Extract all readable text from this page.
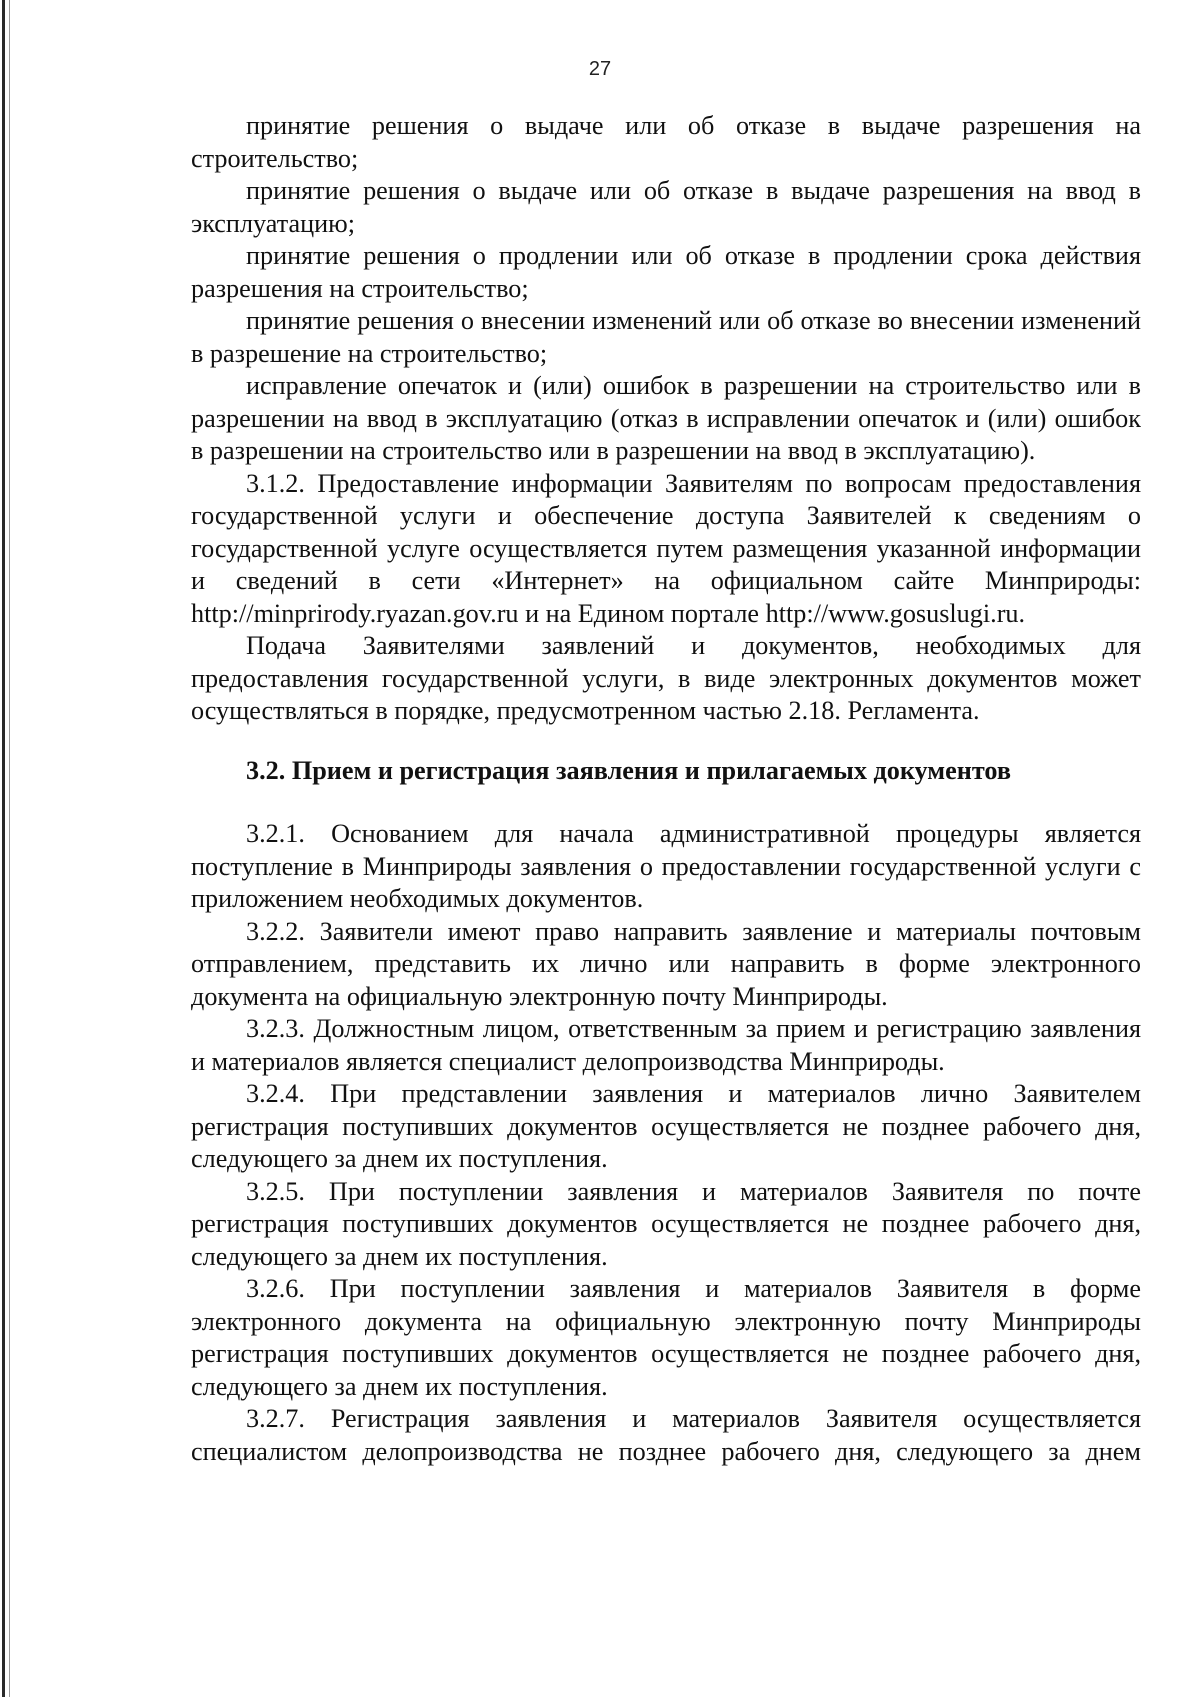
27

принятие решения о выдаче или об отказе в выдаче разрешения на строительство;

принятие решения о выдаче или об отказе в выдаче разрешения на ввод в эксплуатацию;

принятие решения о продлении или об отказе в продлении срока действия разрешения на строительство;

принятие решения о внесении изменений или об отказе во внесении изменений в разрешение на строительство;

исправление опечаток и (или) ошибок в разрешении на строительство или в разрешении на ввод в эксплуатацию (отказ в исправлении опечаток и (или) ошибок в разрешении на строительство или в разрешении на ввод в эксплуатацию).

3.1.2. Предоставление информации Заявителям по вопросам предоставления государственной услуги и обеспечение доступа Заявителей к сведениям о государственной услуге осуществляется путем размещения указанной информации и сведений в сети «Интернет» на официальном сайте Минприроды: http://minprirody.ryazan.gov.ru и на Едином портале http://www.gosuslugi.ru.

Подача Заявителями заявлений и документов, необходимых для предоставления государственной услуги, в виде электронных документов может осуществляться в порядке, предусмотренном частью 2.18. Регламента.

3.2. Прием и регистрация заявления и прилагаемых документов

3.2.1. Основанием для начала административной процедуры является поступление в Минприроды заявления о предоставлении государственной услуги с приложением необходимых документов.

3.2.2. Заявители имеют право направить заявление и материалы почтовым отправлением, представить их лично или направить в форме электронного документа на официальную электронную почту Минприроды.

3.2.3. Должностным лицом, ответственным за прием и регистрацию заявления и материалов является специалист делопроизводства Минприроды.

3.2.4. При представлении заявления и материалов лично Заявителем регистрация поступивших документов осуществляется не позднее рабочего дня, следующего за днем их поступления.

3.2.5. При поступлении заявления и материалов Заявителя по почте регистрация поступивших документов осуществляется не позднее рабочего дня, следующего за днем их поступления.

3.2.6. При поступлении заявления и материалов Заявителя в форме электронного документа на официальную электронную почту Минприроды регистрация поступивших документов осуществляется не позднее рабочего дня, следующего за днем их поступления.

3.2.7. Регистрация заявления и материалов Заявителя осуществляется специалистом делопроизводства не позднее рабочего дня, следующего за днем
